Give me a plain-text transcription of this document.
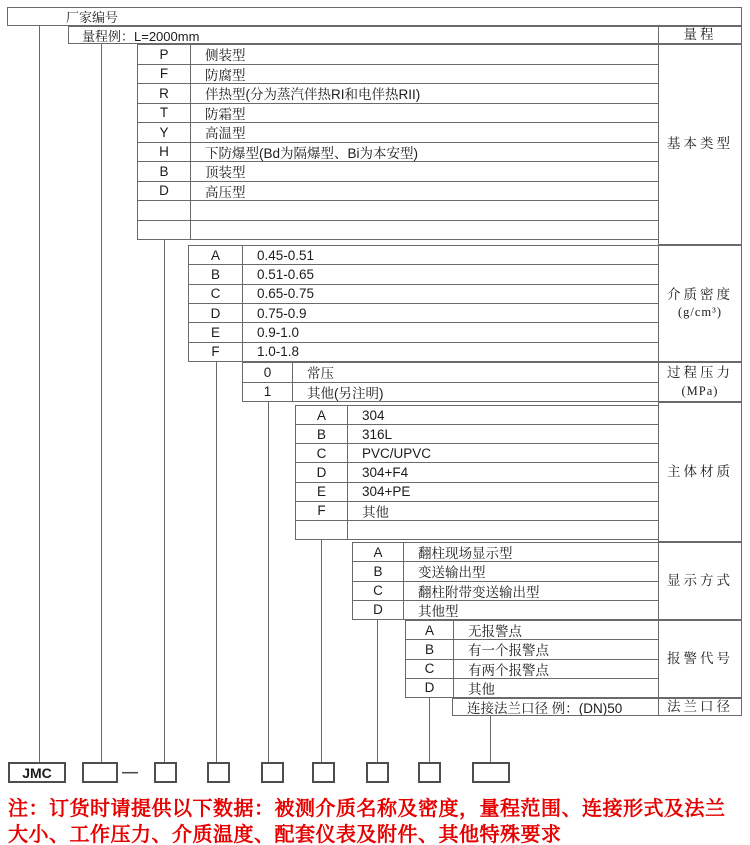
厂家编号
量程例：L=2000mm
注：订货时请提供以下数据：被测介质名称及密度，量程范围、连接形式及法兰
大小、工作压力、介质温度、配套仪表及附件、其他特殊要求
量程
基本类型
介质密度
(g/cm³)
过程压力
(MPa)
主体材质
显示方式
报警代号
法兰口径
P	侧装型
F	防腐型
R	伴热型(分为蒸汽伴热RI和电伴热RII)
T	防霜型
Y	高温型
H	下防爆型(Bd为隔爆型、Bi为本安型)
B	顶装型
D	高压型
A	0.45-0.51
B	0.51-0.65
C	0.65-0.75
D	0.75-0.9
E	0.9-1.0
F	1.0-1.8
0	常压
1	其他(另注明)
A	304
B	316L
C	PVC/UPVC
D	304+F4
E	304+PE
F	其他
A	翻柱现场显示型
B	变送输出型
C	翻柱附带变送输出型
D	其他型
A	无报警点
B	有一个报警点
C	有两个报警点
D	其他
连接法兰口径 例：(DN)50
JMC	—
